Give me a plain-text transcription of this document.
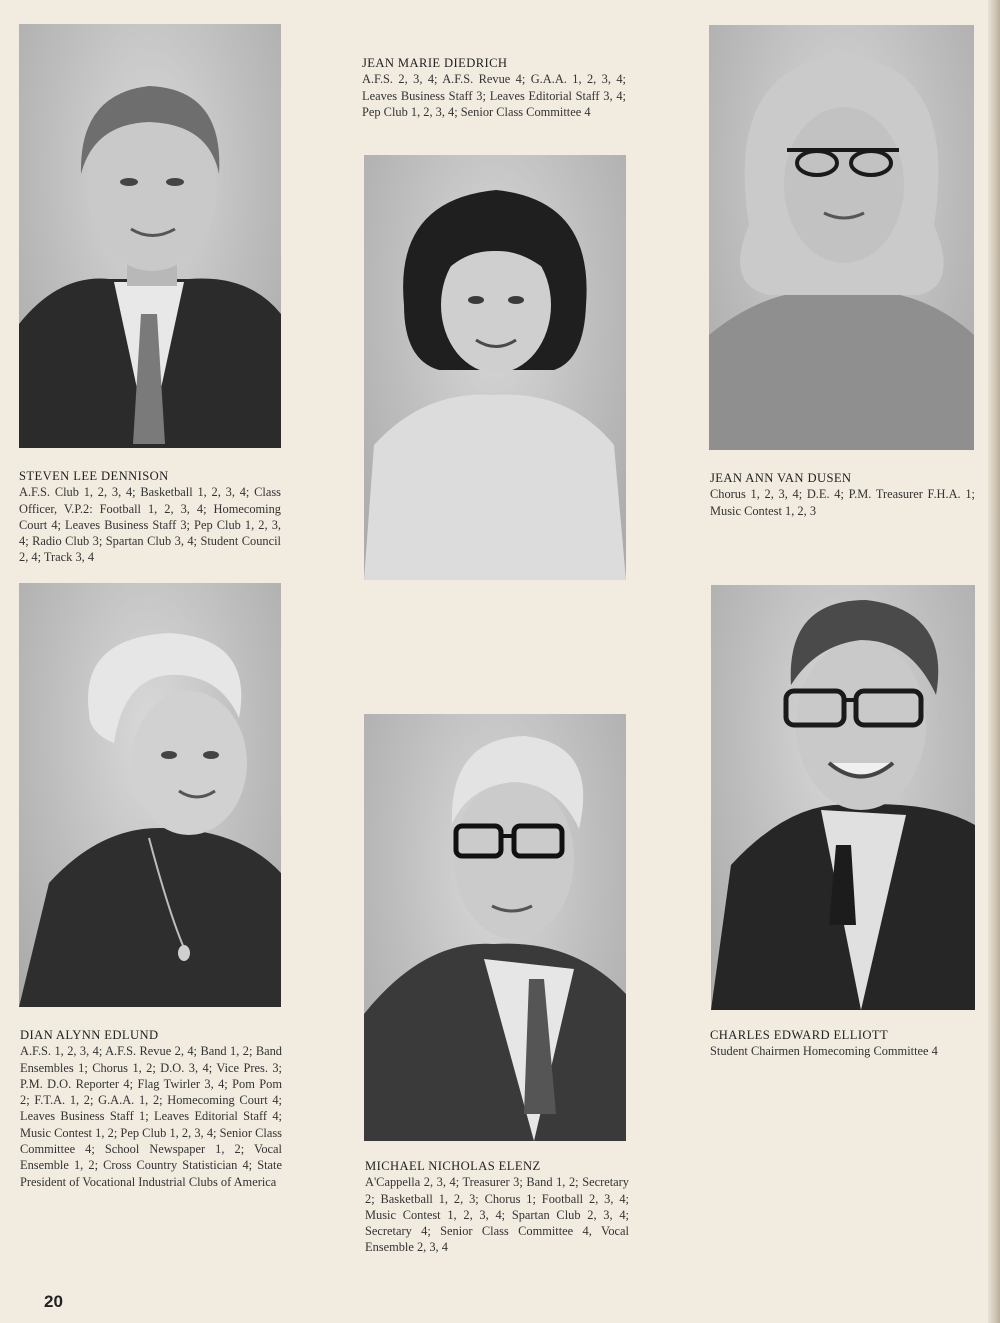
STEVEN LEE DENNISON
A.F.S. Club 1, 2, 3, 4; Basketball 1, 2, 3, 4; Class Officer, V.P.2: Football 1, 2, 3, 4; Homecoming Court 4; Leaves Business Staff 3; Pep Club 1, 2, 3, 4; Radio Club 3; Spartan Club 3, 4; Student Council 2, 4; Track 3, 4
JEAN MARIE DIEDRICH
A.F.S. 2, 3, 4; A.F.S. Revue 4; G.A.A. 1, 2, 3, 4; Leaves Business Staff 3; Leaves Editorial Staff 3, 4; Pep Club 1, 2, 3, 4; Senior Class Committee 4
JEAN ANN VAN DUSEN
Chorus 1, 2, 3, 4; D.E. 4; P.M. Treasurer F.H.A. 1; Music Contest 1, 2, 3
DIAN ALYNN EDLUND
A.F.S. 1, 2, 3, 4; A.F.S. Revue 2, 4; Band 1, 2; Band Ensembles 1; Chorus 1, 2; D.O. 3, 4; Vice Pres. 3; P.M. D.O. Reporter 4; Flag Twirler 3, 4; Pom Pom 2; F.T.A. 1, 2; G.A.A. 1, 2; Homecoming Court 4; Leaves Business Staff 1; Leaves Editorial Staff 4; Music Contest 1, 2; Pep Club 1, 2, 3, 4; Senior Class Committee 4; School Newspaper 1, 2; Vocal Ensemble 1, 2; Cross Country Statistician 4; State President of Vocational Industrial Clubs of America
MICHAEL NICHOLAS ELENZ
A'Cappella 2, 3, 4; Treasurer 3; Band 1, 2; Secretary 2; Basketball 1, 2, 3; Chorus 1; Football 2, 3, 4; Music Contest 1, 2, 3, 4; Spartan Club 2, 3, 4; Secretary 4; Senior Class Committee 4, Vocal Ensemble 2, 3, 4
CHARLES EDWARD ELLIOTT
Student Chairmen Homecoming Committee 4
20
